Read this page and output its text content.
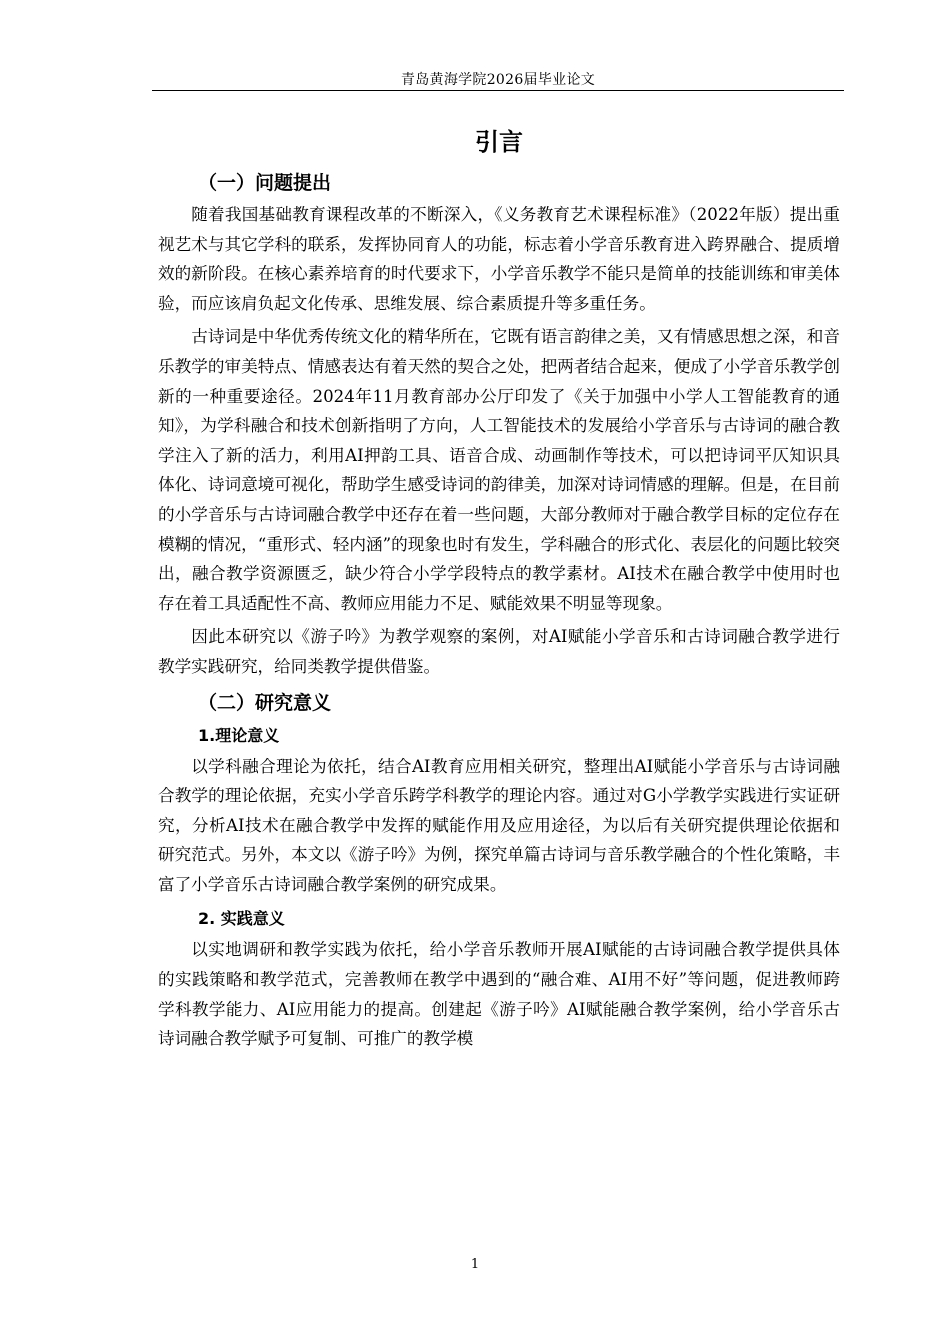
青岛黄海学院2026届毕业论文
引言
（一）问题提出

随着我国基础教育课程改革的不断深入，《义务教育艺术课程标准》（2022年版）提出重视艺术与其它学科的联系，发挥协同育人的功能，标志着小学音乐教育进入跨界融合、提质增效的新阶段。在核心素养培育的时代要求下，小学音乐教学不能只是简单的技能训练和审美体验，而应该肩负起文化传承、思维发展、综合素质提升等多重任务。

古诗词是中华优秀传统文化的精华所在，它既有语言韵律之美，又有情感思想之深，和音乐教学的审美特点、情感表达有着天然的契合之处，把两者结合起来，便成了小学音乐教学创新的一种重要途径。2024年11月教育部办公厅印发了《关于加强中小学人工智能教育的通知》，为学科融合和技术创新指明了方向，人工智能技术的发展给小学音乐与古诗词的融合教学注入了新的活力，利用AI押韵工具、语音合成、动画制作等技术，可以把诗词平仄知识具体化、诗词意境可视化，帮助学生感受诗词的韵律美，加深对诗词情感的理解。但是，在目前的小学音乐与古诗词融合教学中还存在着一些问题，大部分教师对于融合教学目标的定位存在模糊的情况，“重形式、轻内涵”的现象也时有发生，学科融合的形式化、表层化的问题比较突出，融合教学资源匮乏，缺少符合小学学段特点的教学素材。AI技术在融合教学中使用时也存在着工具适配性不高、教师应用能力不足、赋能效果不明显等现象。

因此本研究以《游子吟》为教学观察的案例，对AI赋能小学音乐和古诗词融合教学进行教学实践研究，给同类教学提供借鉴。

（二）研究意义
1.理论意义

以学科融合理论为依托，结合AI教育应用相关研究，整理出AI赋能小学音乐与古诗词融合教学的理论依据，充实小学音乐跨学科教学的理论内容。通过对G小学教学实践进行实证研究，分析AI技术在融合教学中发挥的赋能作用及应用途径，为以后有关研究提供理论依据和研究范式。另外，本文以《游子吟》为例，探究单篇古诗词与音乐教学融合的个性化策略，丰富了小学音乐古诗词融合教学案例的研究成果。

2. 实践意义

以实地调研和教学实践为依托，给小学音乐教师开展AI赋能的古诗词融合教学提供具体的实践策略和教学范式，完善教师在教学中遇到的“融合难、AI用不好”等问题，促进教师跨学科教学能力、AI应用能力的提高。创建起《游子吟》AI赋能融合教学案例，给小学音乐古诗词融合教学赋予可复制、可推广的教学模

1
